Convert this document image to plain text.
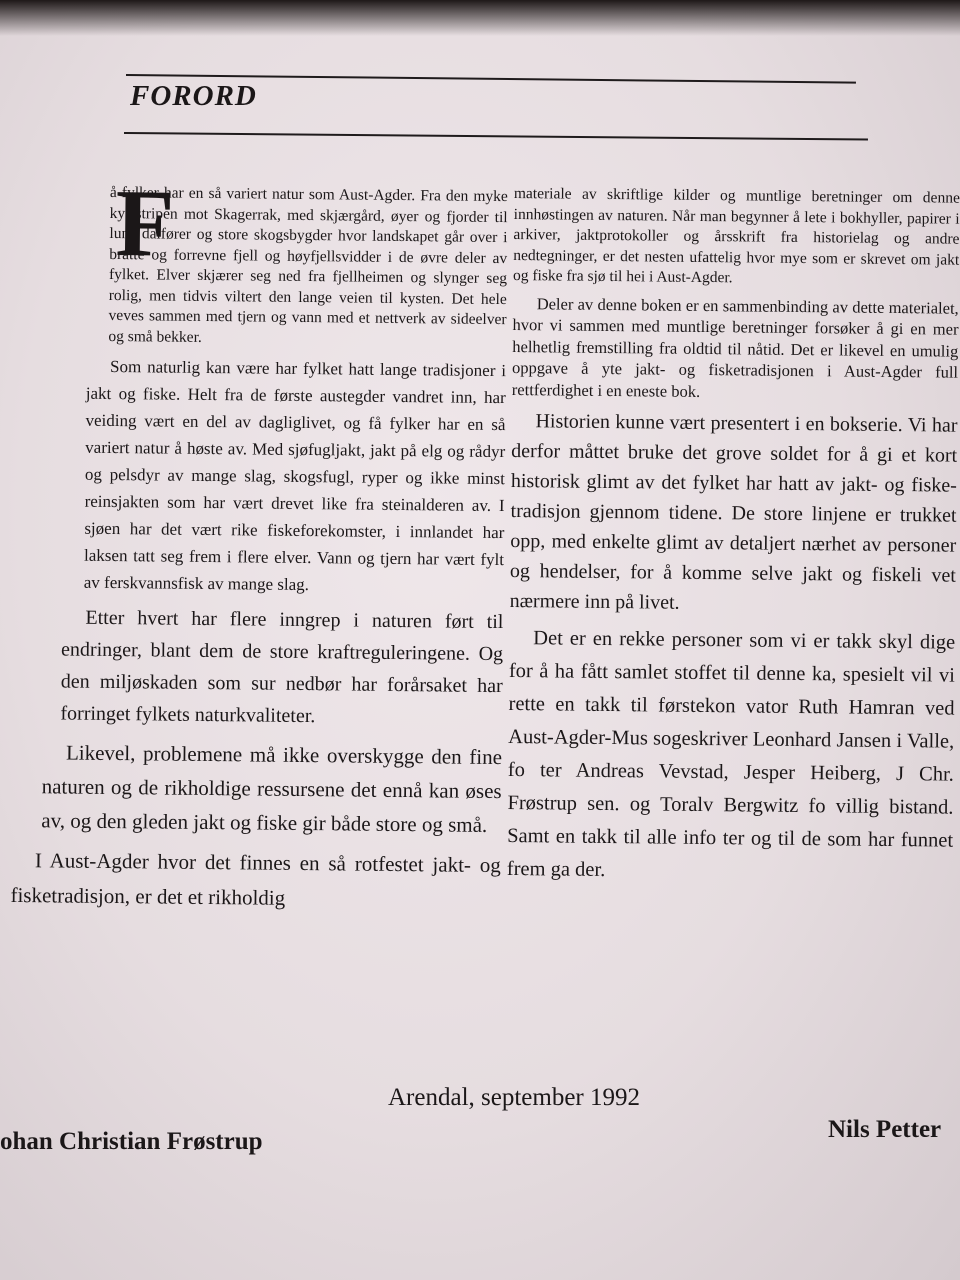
FORORD
F

å fylker har en så variert natur som Aust-Agder. Fra den myke kyststripen mot Skagerrak, med skjærgård, øyer og fjorder til lune dalfører og store skogsbygder hvor landskapet går over i bratte og forrevne fjell og høyfjellsvidder i de øvre deler av fylket. Elver skjærer seg ned fra fjellheimen og slynger seg rolig, men tidvis viltert den lange veien til kysten. Det hele veves sammen med tjern og vann med et nettverk av sideelver og små bekker.

Som naturlig kan være har fylket hatt lange tradisjoner i jakt og fiske. Helt fra de første austegder vandret inn, har veiding vært en del av dagliglivet, og få fylker har en så variert natur å høste av. Med sjøfugljakt, jakt på elg og rådyr og pelsdyr av mange slag, skogsfugl, ryper og ikke minst reinsjakten som har vært drevet like fra steinalderen av. I sjøen har det vært rike fiskeforekomster, i innlandet har laksen tatt seg frem i flere elver. Vann og tjern har vært fylt av ferskvannsfisk av mange slag.

Etter hvert har flere inngrep i naturen ført til endringer, blant dem de store kraftreguleringene. Og den miljøskaden som sur nedbør har forårsaket har forringet fylkets naturkvaliteter.

Likevel, problemene må ikke overskygge den fine naturen og de rikholdige ressursene det ennå kan øses av, og den gleden jakt og fiske gir både store og små.

I Aust-Agder hvor det finnes en så rotfestet jakt- og fisketradisjon, er det et rikholdig

materiale av skriftlige kilder og muntlige beretninger om denne innhøstingen av naturen. Når man begynner å lete i bokhyller, papirer i arkiver, jaktprotokoller og årsskrift fra historielag og andre nedtegninger, er det nesten ufattelig hvor mye som er skrevet om jakt og fiske fra sjø til hei i Aust-Agder.

Deler av denne boken er en sammenbinding av dette materialet, hvor vi sammen med muntlige beretninger forsøker å gi en mer helhetlig fremstilling fra oldtid til nåtid. Det er likevel en umulig oppgave å yte jakt- og fisketradisjonen i Aust-Agder full rettferdighet i en eneste bok.

Historien kunne vært presentert i en bokserie. Vi har derfor måttet bruke det grove soldet for å gi et kort historisk glimt av det fylket har hatt av jakt- og fiske-tradisjon gjennom tidene. De store linjene er trukket opp, med enkelte glimt av detaljert nærhet av personer og hendelser, for å komme selve jakt og fiskeli vet nærmere inn på livet.

Det er en rekke personer som vi er takk skyl dige for å ha fått samlet stoffet til denne ka, spesielt vil vi rette en takk til førstekon vator Ruth Hamran ved Aust-Agder-Mus sogeskriver Leonhard Jansen i Valle, fo ter Andreas Vevstad, Jesper Heiberg, J Chr. Frøstrup sen. og Toralv Bergwitz fo villig bistand. Samt en takk til alle info ter og til de som har funnet frem ga der.

Arendal, september 1992

ohan Christian Frøstrup	Nils Petter
